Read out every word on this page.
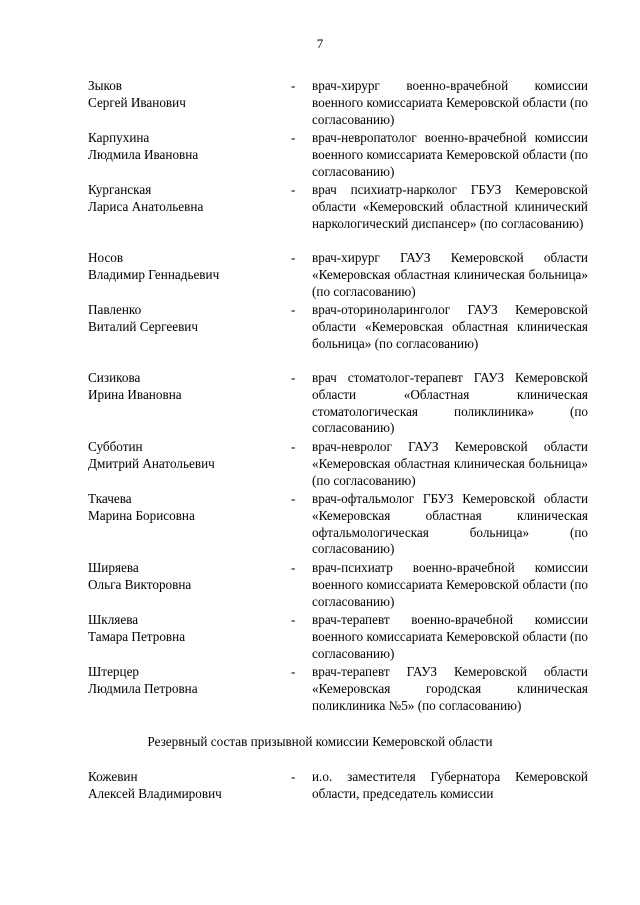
7
Зыков
Сергей Иванович
- врач-хирург военно-врачебной комиссии военного комиссариата Кемеровской области (по согласованию)
Карпухина
Людмила Ивановна
- врач-невропатолог военно-врачебной комиссии военного комиссариата Кемеровской области (по согласованию)
Курганская
Лариса Анатольевна
- врач психиатр-нарколог ГБУЗ Кемеровской области «Кемеровский областной клинический наркологический диспансер» (по согласованию)
Носов
Владимир Геннадьевич
- врач-хирург ГАУЗ Кемеровской области «Кемеровская областная клиническая больница» (по согласованию)
Павленко
Виталий Сергеевич
- врач-оториноларинголог ГАУЗ Кемеровской области «Кемеровская областная клиническая больница» (по согласованию)
Сизикова
Ирина Ивановна
- врач стоматолог-терапевт ГАУЗ Кемеровской области «Областная клиническая стоматологическая поликлиника» (по согласованию)
Субботин
Дмитрий Анатольевич
- врач-невролог ГАУЗ Кемеровской области «Кемеровская областная клиническая больница» (по согласованию)
Ткачева
Марина Борисовна
- врач-офтальмолог ГБУЗ Кемеровской области «Кемеровская областная клиническая офтальмологическая больница» (по согласованию)
Ширяева
Ольга Викторовна
- врач-психиатр военно-врачебной комиссии военного комиссариата Кемеровской области (по согласованию)
Шкляева
Тамара Петровна
- врач-терапевт военно-врачебной комиссии военного комиссариата Кемеровской области (по согласованию)
Штерцер
Людмила Петровна
- врач-терапевт ГАУЗ Кемеровской области «Кемеровская городская клиническая поликлиника №5» (по согласованию)
Резервный состав призывной комиссии Кемеровской области
Кожевин
Алексей Владимирович
- и.о. заместителя Губернатора Кемеровской области, председатель комиссии
